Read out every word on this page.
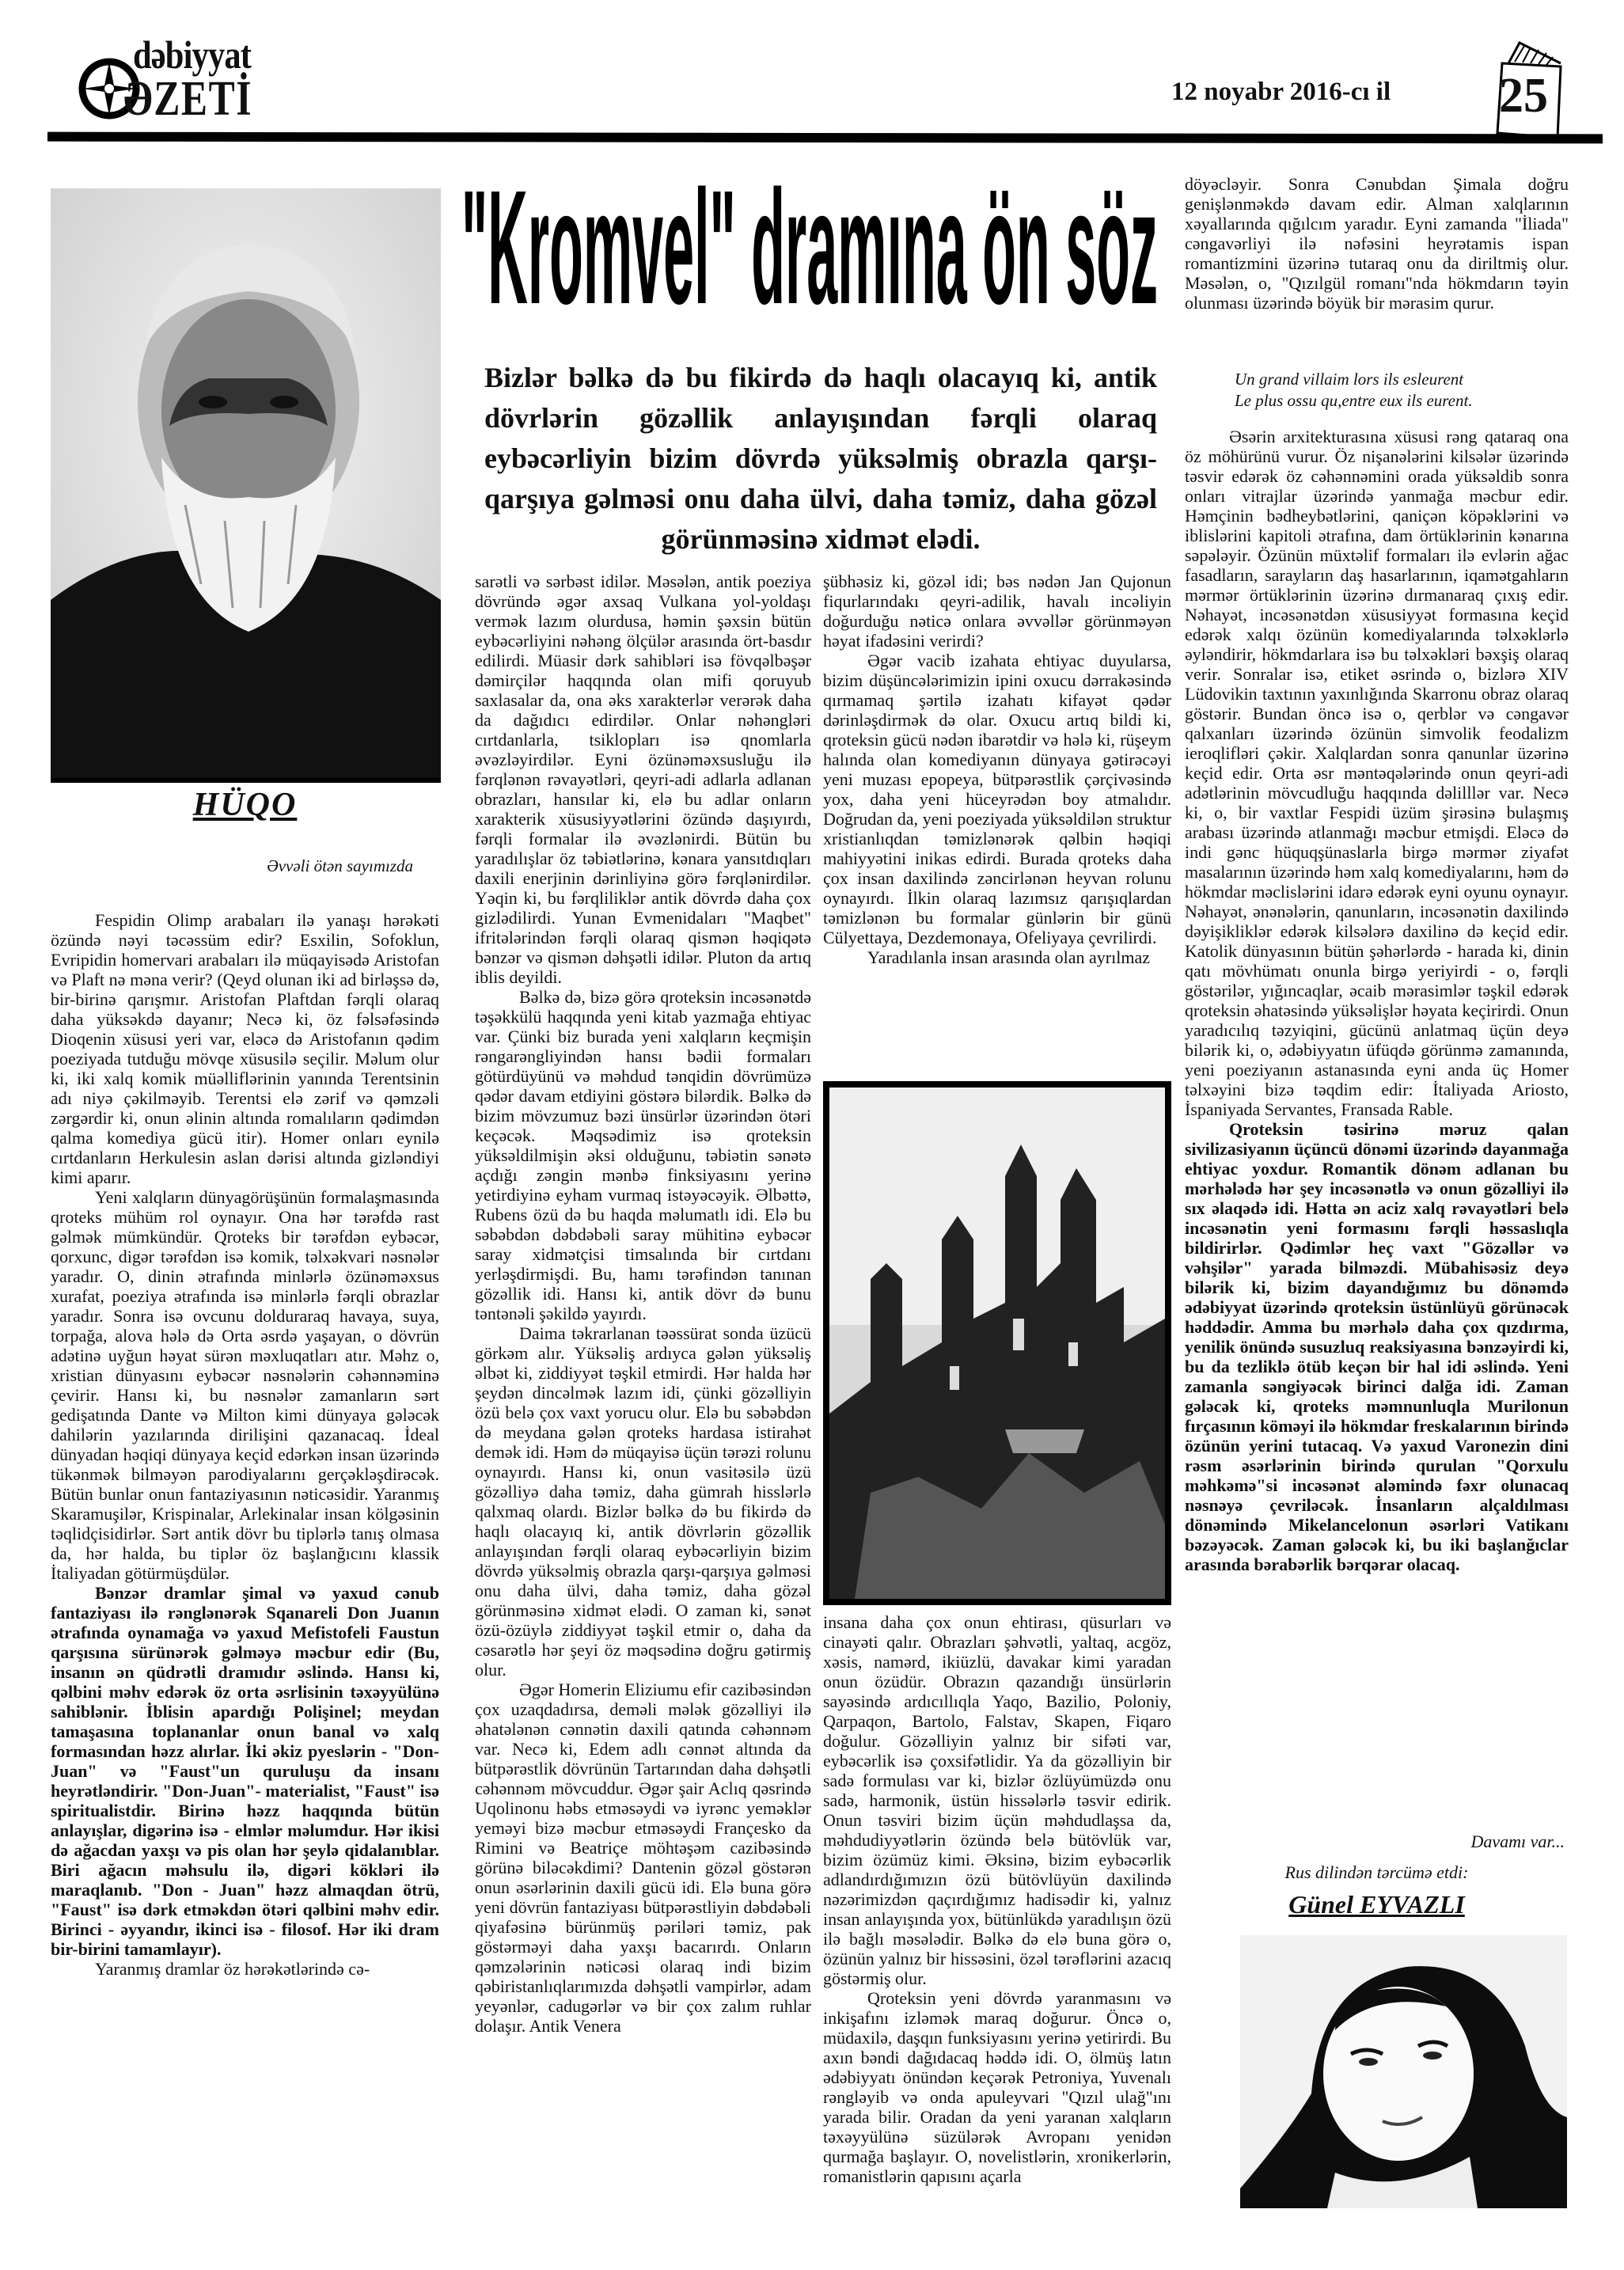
dəbiyyat
ƏZETİ	12 noyabr 2016-cı il 25
HÜQO
Əvvəli ötən sayımızda
"Kromvel" dramına ön söz
Bizlər bəlkə də bu fikirdə də haqlı olacayıq ki, antik dövrlərin gözəllik anlayışından fərqli olaraq eybəcərliyin bizim dövrdə yüksəlmiş obrazla qarşı-qarşıya gəlməsi onu daha ülvi, daha təmiz, daha gözəl görünməsinə xidmət elədi.

Fespidin Olimp arabaları ilə yanaşı hərəkəti özündə nəyi təcəssüm edir? Esxilin, Sofoklun, Evripidin homervari arabaları ilə müqayisədə Aristofan və Plaft nə məna verir? (Qeyd olunan iki ad birləşsə də, bir-birinə qarışmır. Aristofan Plaftdan fərqli olaraq daha yüksəkdə dayanır; Necə ki, öz fəlsəfəsində Dioqenin xüsusi yeri var, eləcə də Aristofanın qədim poeziyada tutduğu mövqe xüsusilə seçilir. Məlum olur ki, iki xalq komik müəlliflərinin yanında Terentsinin adı niyə çəkilməyib. Terentsi elə zərif və qəmzəli zərgərdir ki, onun əlinin altında romalıların qədimdən qalma komediya gücü itir). Homer onları eynilə cırtdanların Herkulesin aslan dərisi altında gizləndiyi kimi aparır.

Yeni xalqların dünyagörüşünün formalaşmasında qroteks mühüm rol oynayır. Ona hər tərəfdə rast gəlmək mümkündür. Qroteks bir tərəfdən eybəcər, qorxunc, digər tərəfdən isə komik, təlxəkvari nəsnələr yaradır. O, dinin ətrafında minlərlə özünəməxsus xurafat, poeziya ətrafında isə minlərlə fərqli obrazlar yaradır. Sonra isə ovcunu dolduraraq havaya, suya, torpağa, alova hələ də Orta əsrdə yaşayan, o dövrün adətinə uyğun həyat sürən məxluqatları atır. Məhz o, xristian dünyasını eybəcər nəsnələrin cəhənnəminə çevirir. Hansı ki, bu nəsnələr zamanların sərt gedişatında Dante və Milton kimi dünyaya gələcək dahilərin yazılarında dirilişini qazanacaq. İdeal dünyadan həqiqi dünyaya keçid edərkən insan üzərində tükənmək bilməyən parodiyalarını gerçəkləşdirəcək. Bütün bunlar onun fantaziyasının nəticəsidir. Yaranmış Skaramuşilər, Krispinalar, Arlekinalar insan kölgəsinin təqlidçisidirlər. Sərt antik dövr bu tiplərlə tanış olmasa da, hər halda, bu tiplər öz başlanğıcını klassik İtaliyadan götürmüşdülər.

Bənzər dramlar şimal və yaxud cənub fantaziyası ilə rənglənərək Sqanareli Don Juanın ətrafında oynamağa və yaxud Mefistofeli Faustun qarşısına sürünərək gəlməyə məcbur edir (Bu, insanın ən qüdrətli dramıdır əslində. Hansı ki, qəlbini məhv edərək öz orta əsrlisinin təxəyyülünə sahiblənir. İblisin apardığı Polişinel; meydan tamaşasına toplananlar onun banal və xalq formasından həzz alırlar. İki əkiz pyeslərin - "Don-Juan" və "Faust"un quruluşu da insanı heyrətləndirir. "Don-Juan"- materialist, "Faust" isə spiritualistdir. Birinə həzz haqqında bütün anlayışlar, digərinə isə - elmlər məlumdur. Hər ikisi də ağacdan yaxşı və pis olan hər şeylə qidalanıblar. Biri ağacın məhsulu ilə, digəri kökləri ilə maraqlanıb. "Don - Juan" həzz almaqdan ötrü, "Faust" isə dərk etməkdən ötəri qəlbini məhv edir. Birinci - əyyandır, ikinci isə - filosof. Hər iki dram bir-birini tamamlayır).

Yaranmış dramlar öz hərəkətlərində cə-

sarətli və sərbəst idilər. Məsələn, antik poeziya dövründə əgər axsaq Vulkana yol-yoldaşı vermək lazım olurdusa, həmin şəxsin bütün eybəcərliyini nəhəng ölçülər arasında ört-basdır edilirdi. Müasir dərk sahibləri isə fövqəlbəşər dəmirçilər haqqında olan mifi qoruyub saxlasalar da, ona əks xarakterlər verərək daha da dağıdıcı edirdilər. Onlar nəhəngləri cırtdanlarla, tsiklopları isə qnomlarla əvəzləyirdilər. Eyni özünəməxsusluğu ilə fərqlənən rəvayətləri, qeyri-adi adlarla adlanan obrazları, hansılar ki, elə bu adlar onların xarakterik xüsusiyyətlərini özündə daşıyırdı, fərqli formalar ilə əvəzlənirdi. Bütün bu yaradılışlar öz təbiətlərinə, kənara yansıtdıqları daxili enerjinin dərinliyinə görə fərqlənirdilər. Yəqin ki, bu fərqliliklər antik dövrdə daha çox gizlədilirdi. Yunan Evmenidaları "Maqbet" ifritələrindən fərqli olaraq qismən həqiqətə bənzər və qismən dəhşətli idilər. Pluton da artıq iblis deyildi.

Bəlkə də, bizə görə qroteksin incəsənətdə təşəkkülü haqqında yeni kitab yazmağa ehtiyac var. Çünki biz burada yeni xalqların keçmişin rəngarəngliyindən hansı bədii formaları götürdüyünü və məhdud tənqidin dövrümüzə qədər davam etdiyini göstərə bilərdik. Bəlkə də bizim mövzumuz bəzi ünsürlər üzərindən ötəri keçəcək. Məqsədimiz isə qroteksin yüksəldilmişin əksi olduğunu, təbiətin sənətə açdığı zəngin mənbə finksiyasını yerinə yetirdiyinə eyham vurmaq istəyəcəyik. Əlbəttə, Rubens özü də bu haqda məlumatlı idi. Elə bu səbəbdən dəbdəbəli saray mühitinə eybəcər saray xidmətçisi timsalında bir cırtdanı yerləşdirmişdi. Bu, hamı tərəfindən tanınan gözəllik idi. Hansı ki, antik dövr də bunu təntənəli şəkildə yayırdı.

Daima təkrarlanan təəssürat sonda üzücü görkəm alır. Yüksəliş ardıyca gələn yüksəliş əlbət ki, ziddiyyət təşkil etmirdi. Hər halda hər şeydən dincəlmək lazım idi, çünki gözəlliyin özü belə çox vaxt yorucu olur. Elə bu səbəbdən də meydana gələn qroteks hardasa istirahət demək idi. Həm də müqayisə üçün tərəzi rolunu oynayırdı. Hansı ki, onun vasitəsilə üzü gözəlliyə daha təmiz, daha gümrah hisslərlə qalxmaq olardı. Bizlər bəlkə də bu fikirdə də haqlı olacayıq ki, antik dövrlərin gözəllik anlayışından fərqli olaraq eybəcərliyin bizim dövrdə yüksəlmiş obrazla qarşı-qarşıya gəlməsi onu daha ülvi, daha təmiz, daha gözəl görünməsinə xidmət elədi. O zaman ki, sənət özü-özüylə ziddiyyət təşkil etmir o, daha da cəsarətlə hər şeyi öz məqsədinə doğru gətirmiş olur.

Əgər Homerin Eliziumu efir cazibəsindən çox uzaqdadırsa, deməli mələk gözəlliyi ilə əhatələnən cənnətin daxili qatında cəhənnəm var. Necə ki, Edem adlı cənnət altında da bütpərəstlik dövrünün Tartarından daha dəhşətli cəhənnəm mövcuddur. Əgər şair Aclıq qəsrində Uqolinonu həbs etməsəydi və iyrənc yeməklər yeməyi bizə məcbur etməsəydi Françesko da Rimini və Beatriçe möhtəşəm cazibəsində görünə biləcəkdimi? Dantenin gözəl göstərən onun əsərlərinin daxili gücü idi. Elə buna görə yeni dövrün fantaziyası bütpərəstliyin dəbdəbəli qiyafəsinə bürünmüş pəriləri təmiz, pak göstərməyi daha yaxşı bacarırdı. Onların qəmzələrinin nəticəsi olaraq indi bizim qəbiristanlıqlarımızda dəhşətli vampirlər, adam yeyənlər, cadugərlər və bir çox zalım ruhlar dolaşır. Antik Venera

şübhəsiz ki, gözəl idi; bəs nədən Jan Qujonun fiqurlarındakı qeyri-adilik, havalı incəliyin doğurduğu nəticə onlara əvvəllər görünməyən həyat ifadəsini verirdi?

Əgər vacib izahata ehtiyac duyularsa, bizim düşüncələrimizin ipini oxucu dərrakəsində qırmamaq şərtilə izahatı kifayət qədər dərinləşdirmək də olar. Oxucu artıq bildi ki, qroteksin gücü nədən ibarətdir və hələ ki, rüşeym halında olan komediyanın dünyaya gətirəcəyi yeni muzası epopeya, bütpərəstlik çərçivəsində yox, daha yeni hüceyrədən boy atmalıdır. Doğrudan da, yeni poeziyada yüksəldilən struktur xristianlıqdan təmizlənərək qəlbin həqiqi mahiyyətini inikas edirdi. Burada qroteks daha çox insan daxilində zəncirlənən heyvan rolunu oynayırdı. İlkin olaraq lazımsız qarışıqlardan təmizlənən bu formalar günlərin bir günü Cülyettaya, Dezdemonaya, Ofeliyaya çevrilirdi.

Yaradılanla insan arasında olan ayrılmaz

insana daha çox onun ehtirası, qüsurları və cinayəti qalır. Obrazları şəhvətli, yaltaq, acgöz, xəsis, namərd, ikiüzlü, davakar kimi yaradan onun özüdür. Obrazın qazandığı ünsürlərin sayəsində ardıcıllıqla Yaqo, Bazilio, Poloniy, Qarpaqon, Bartolo, Falstav, Skapen, Fiqaro doğulur. Gözəlliyin yalnız bir sifəti var, eybəcərlik isə çoxsifətlidir. Ya da gözəlliyin bir sadə formulası var ki, bizlər özlüyümüzdə onu sadə, harmonik, üstün hissələrlə təsvir edirik. Onun təsviri bizim üçün məhdudlaşsa da, məhdudiyyətlərin özündə belə bütövlük var, bizim özümüz kimi. Əksinə, bizim eybəcərlik adlandırdığımızın özü bütövlüyün daxilində nəzərimizdən qaçırdığımız hadisədir ki, yalnız insan anlayışında yox, bütünlükdə yaradılışın özü ilə bağlı məsələdir. Bəlkə də elə buna görə o, özünün yalnız bir hissəsini, özəl tərəflərini azacıq göstərmiş olur.

Qroteksin yeni dövrdə yaranmasını və inkişafını izləmək maraq doğurur. Öncə o, müdaxilə, daşqın funksiyasını yerinə yetirirdi. Bu axın bəndi dağıdacaq həddə idi. O, ölmüş latın ədəbiyyatı önündən keçərək Petroniya, Yuvenalı rəngləyib və onda apuleyvari "Qızıl ulağ"ını yarada bilir. Oradan da yeni yaranan xalqların təxəyyülünə süzülərək Avropanı yenidən qurmağa başlayır. O, novelistlərin, xronikerlərin, romanistlərin qapısını açarla

döyəcləyir. Sonra Cənubdan Şimala doğru genişlənməkdə davam edir. Alman xalqlarının xəyallarında qığılcım yaradır. Eyni zamanda "İliada" cəngavərliyi ilə nəfəsini heyrətamis ispan romantizmini üzərinə tutaraq onu da diriltmiş olur. Məsələn, o, "Qızılgül romanı"nda hökmdarın təyin olunması üzərində böyük bir mərasim qurur.

Un grand villaim lors ils esleurent
Le plus ossu qu,entre eux ils eurent.

Əsərin arxitekturasına xüsusi rəng qataraq ona öz möhürünü vurur. Öz nişanələrini kilsələr üzərində təsvir edərək öz cəhənnəmini orada yüksəldib sonra onları vitrajlar üzərində yanmağa məcbur edir. Həmçinin bədheybətlərini, qaniçən köpəklərini və iblislərini kapitoli ətrafına, dam örtüklərinin kənarına səpələyir. Özünün müxtəlif formaları ilə evlərin ağac fasadların, sarayların daş hasarlarının, iqamətgahların mərmər örtüklərinin üzərinə dırmanaraq çıxış edir. Nəhayət, incəsənətdən xüsusiyyət formasına keçid edərək xalqı özünün komediyalarında təlxəklərlə əyləndirir, hökmdarlara isə bu təlxəkləri bəxşiş olaraq verir. Sonralar isə, etiket əsrində o, bizlərə XIV Lüdovikin taxtının yaxınlığında Skarronu obraz olaraq göstərir. Bundan öncə isə o, qerblər və cəngavər qalxanları üzərində özünün simvolik feodalizm ieroqlifləri çəkir. Xalqlardan sonra qanunlar üzərinə keçid edir. Orta əsr məntəqələrində onun qeyri-adi adətlərinin mövcudluğu haqqında dəlilllər var. Necə ki, o, bir vaxtlar Fespidi üzüm şirəsinə bulaşmış arabası üzərində atlanmağı məcbur etmişdi. Eləcə də indi gənc hüquqşünaslarla birgə mərmər ziyafət masalarının üzərində həm xalq komediyalarını, həm də hökmdar məclislərini idarə edərək eyni oyunu oynayır. Nəhayət, ənənələrin, qanunların, incəsənətin daxilində dəyişikliklər edərək kilsələrə daxilinə də keçid edir. Katolik dünyasının bütün şəhərlərdə - harada ki, dinin qatı mövhümatı onunla birgə yeriyirdi - o, fərqli göstərilər, yığıncaqlar, əcaib mərasimlər təşkil edərək qroteksin əhatəsində yüksəlişlər həyata keçirirdi. Onun yaradıcılıq təzyiqini, gücünü anlatmaq üçün deyə bilərik ki, o, ədəbiyyatın üfüqdə görünmə zamanında, yeni poeziyanın astanasında eyni anda üç Homer təlxəyini bizə təqdim edir: İtaliyada Ariosto, İspaniyada Servantes, Fransada Rable.

Qroteksin təsirinə məruz qalan sivilizasiyanın üçüncü dönəmi üzərində dayanmağa ehtiyac yoxdur. Romantik dönəm adlanan bu mərhələdə hər şey incəsənətlə və onun gözəlliyi ilə sıx əlaqədə idi. Hətta ən aciz xalq rəvayətləri belə incəsənətin yeni formasını fərqli həssaslıqla bildirirlər. Qədimlər heç vaxt "Gözəllər və vəhşilər" yarada bilməzdi. Mübahisəsiz deyə bilərik ki, bizim dayandığımız bu dönəmdə ədəbiyyat üzərində qroteksin üstünlüyü görünəcək həddədir. Amma bu mərhələ daha çox qızdırma, yenilik önündə susuzluq reaksiyasına bənzəyirdi ki, bu da tezliklə ötüb keçən bir hal idi əslində. Yeni zamanla səngiyəcək birinci dalğa idi. Zaman gələcək ki, qroteks məmnunluqla Murilonun fırçasının köməyi ilə hökmdar freskalarının birində özünün yerini tutacaq. Və yaxud Varonezin dini rəsm əsərlərinin birində qurulan "Qorxulu məhkəmə"si incəsənət aləmində fəxr olunacaq nəsnəyə çevriləcək. İnsanların alçaldılması dönəmində Mikelancelonun əsərləri Vatikanı bəzəyəcək. Zaman gələcək ki, bu iki başlanğıclar arasında bərabərlik bərqərar olacaq.

Davamı var...
Rus dilindən tərcümə etdi:
Günel EYVAZLI
